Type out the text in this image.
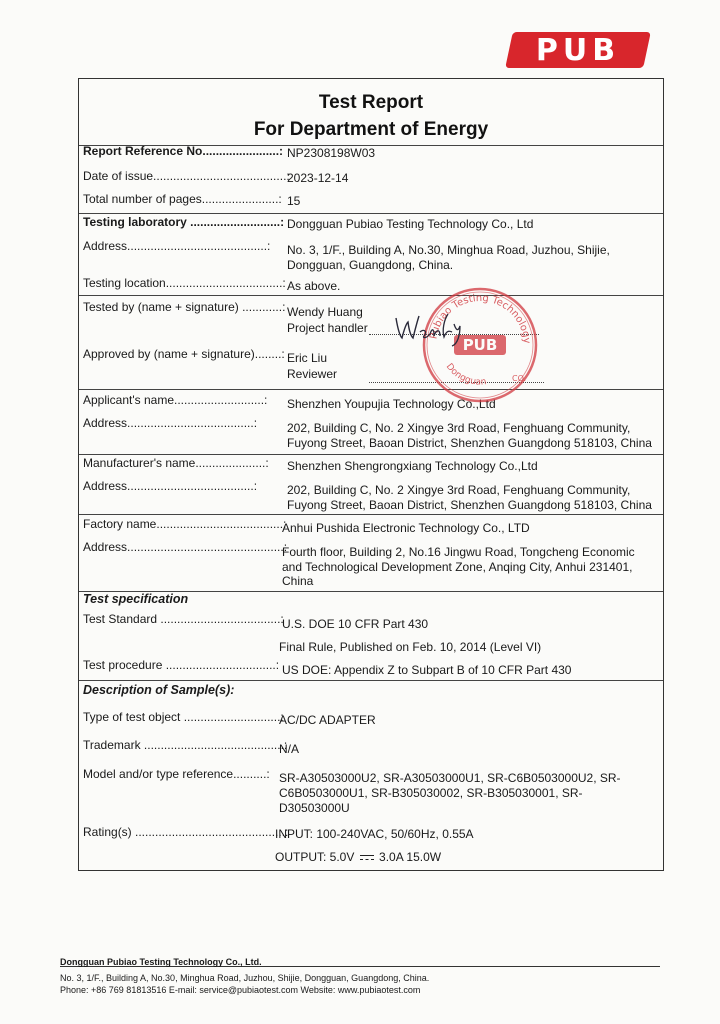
PUB
Test Report
For Department of Energy
Report Reference No.......................: NP2308198W03
Date of issue........................................:
2023-12-14
Total number of pages.......................: 15
Testing laboratory ...........................: Dongguan Pubiao Testing Technology Co., Ltd
Address..........................................: No. 3, 1/F., Building A, No.30, Minghua Road, Juzhou, Shijie,
Dongguan, Guangdong, China.
Testing location...................................: As above.
Tested by (name + signature) ............: Wendy Huang
Project handler
Approved by (name + signature)........: Eric Liu
Reviewer
Applicant's name...........................: Shenzhen Youpujia Technology Co.,Ltd
Address......................................: 202, Building C, No. 2 Xingye 3rd Road, Fenghuang Community,
Fuyong Street, Baoan District, Shenzhen Guangdong 518103, China
Manufacturer's name.....................: Shenzhen Shengrongxiang Technology Co.,Ltd
Address......................................: 202, Building C, No. 2 Xingye 3rd Road, Fenghuang Community,
Fuyong Street, Baoan District, Shenzhen Guangdong 518103, China
Factory name......................................:
Anhui Pushida Electronic Technology Co., LTD
Address...............................................:
Fourth floor, Building 2, No.16 Jingwu Road, Tongcheng Economic
and Technological Development Zone, Anqing City, Anhui 231401,
China
Test specification
Test Standard ....................................:
U.S. DOE 10 CFR Part 430
Final Rule, Published on Feb. 10, 2014 (Level VI)
Test procedure .................................: US DOE: Appendix Z to Subpart B of 10 CFR Part 430
Description of Sample(s):
Type of test object .............................:
AC/DC ADAPTER
Trademark ..........................................:
N/A
Model and/or type reference..........: SR-A30503000U2, SR-A30503000U1, SR-C6B0503000U2, SR-
C6B0503000U1, SR-B305030002, SR-B305030001, SR-
D30503000U
Rating(s) .............................................:
INPUT: 100-240VAC, 50/60Hz, 0.55A
OUTPUT: 5.0V 3.0A 15.0W
Pubiao Testing Technology
Dongguan	CO.
PUB
Dongguan Pubiao Testing Technology Co., Ltd.
No. 3, 1/F., Building A, No.30, Minghua Road, Juzhou, Shijie, Dongguan, Guangdong, China.
Phone: +86 769 81813516 E-mail: service@pubiaotest.com Website: www.pubiaotest.com
